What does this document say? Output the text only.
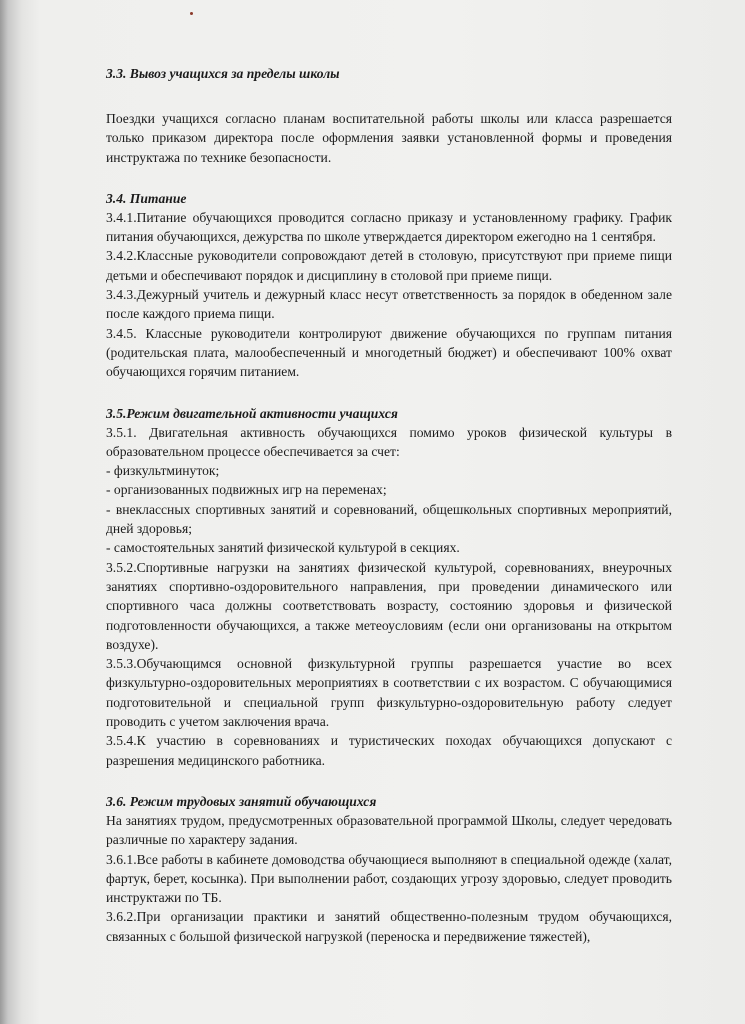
3.3. Вывоз учащихся за пределы школы

Поездки учащихся согласно планам воспитательной работы школы или класса разрешается только приказом директора после оформления заявки установленной формы и проведения инструктажа по технике безопасности.

3.4. Питание

3.4.1.Питание обучающихся проводится согласно приказу и установленному графику. График питания обучающихся, дежурства по школе утверждается директором ежегодно на 1 сентября.

3.4.2.Классные руководители сопровождают детей в столовую, присутствуют при приеме пищи детьми и обеспечивают порядок и дисциплину в столовой при приеме пищи.

3.4.3.Дежурный учитель и дежурный класс несут ответственность за порядок в обеденном зале после каждого приема пищи.

3.4.5. Классные руководители контролируют движение обучающихся по группам питания (родительская плата, малообеспеченный и многодетный бюджет) и обеспечивают 100% охват обучающихся горячим питанием.

3.5.Режим двигательной активности учащихся

3.5.1. Двигательная активность обучающихся помимо уроков физической культуры в образовательном процессе обеспечивается за счет:

- физкультминуток;

- организованных подвижных игр на переменах;

- внеклассных спортивных занятий и соревнований, общешкольных спортивных мероприятий, дней здоровья;

- самостоятельных занятий физической культурой в секциях.

3.5.2.Спортивные нагрузки на занятиях физической культурой, соревнованиях, внеурочных занятиях спортивно-оздоровительного направления, при проведении динамического или спортивного часа должны соответствовать возрасту, состоянию здоровья и физической подготовленности обучающихся, а также метеоусловиям (если они организованы на открытом воздухе).

3.5.3.Обучающимся основной физкультурной группы разрешается участие во всех физкультурно-оздоровительных мероприятиях в соответствии с их возрастом. С обучающимися подготовительной и специальной групп физкультурно-оздоровительную работу следует проводить с учетом заключения врача.

3.5.4.К участию в соревнованиях и туристических походах обучающихся допускают с разрешения медицинского работника.

3.6. Режим трудовых занятий обучающихся

На занятиях трудом, предусмотренных образовательной программой Школы, следует чередовать различные по характеру задания.

3.6.1.Все работы в кабинете домоводства обучающиеся выполняют в специальной одежде (халат, фартук, берет, косынка). При выполнении работ, создающих угрозу здоровью, следует проводить инструктажи по ТБ.

3.6.2.При организации практики и занятий общественно-полезным трудом обучающихся, связанных с большой физической нагрузкой (переноска и передвижение тяжестей),
